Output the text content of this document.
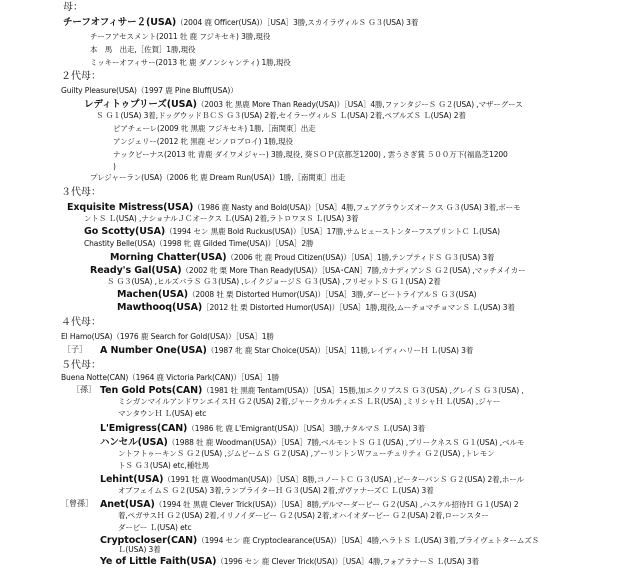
母：
チーフオフィサー２(USA)（2004 鹿 Officer(USA)）［USA］3勝,スカイラヴィルＳ Ｇ３(USA) 3着
チーフアセスメント(2011 牡 鹿 フジキセキ) 3勝,現役
本　馬　出走,［佐賀］1勝,現役
ミッキーオフィサー(2013 牝 鹿 ダノンシャンティ) 1勝,現役
２代母：
Guilty Pleasure(USA)（1997 鹿 Pine Bluff(USA)）
レディトゥプリーズ(USA)（2003 牝 黒鹿 More Than Ready(USA)）［USA］4勝,ファンタジーＳ Ｇ２(USA) ,マザーグース
Ｓ Ｇ１(USA) 3着,ドッグウッドＢＣＳ Ｇ３(USA) 2着,セイラーヴィルＳ Ｌ(USA) 2着,ペブルズＳ Ｌ(USA) 2着
ピアチェーレ(2009 牝 黒鹿 フジキセキ) 1勝,［南関東］出走
アンジェリー(2012 牝 黒鹿 ゼンノロブロイ) 1勝,現役
ナックビーナス(2013 牝 青鹿 ダイワメジャー) 3勝,現役, 葵ＳＯＰ(京都芝1200) , 雲うさぎ賞 ５００万下(福島芝1200
)
プレジャーラン(USA)（2006 牝 鹿 Dream Run(USA)）1勝,［南関東］出走
３代母：
Exquisite Mistress(USA)（1986 鹿 Nasty and Bold(USA)）［USA］4勝,フェアグラウンズオークス Ｇ３(USA) 3着,ボーモ
ントＳ Ｌ(USA) ,ナショナルＪＣオークス Ｌ(USA) 2着,ラトロワヌＳ Ｌ(USA) 3着
Go Scotty(USA)（1994 セン 黒鹿 Bold Ruckus(USA)）［USA］17勝,サムヒューストンターフスプリントＣ Ｌ(USA)
Chastity Belle(USA)（1998 牝 鹿 Gilded Time(USA)）［USA］2勝
Morning Chatter(USA)（2006 牝 鹿 Proud Citizen(USA)）［USA］1勝,テンプティドＳ Ｇ３(USA) 3着
Ready's Gal(USA)（2002 牝 栗 More Than Ready(USA)）［USA･CAN］7勝,カナディアンＳ Ｇ２(USA) ,マッチメイカー
Ｓ Ｇ３(USA) ,ヒルズバラＳ Ｇ３(USA) ,レイクジョージＳ Ｇ３(USA) ,フリゼットＳ Ｇ１(USA) 2着
Machen(USA)（2008 牡 栗 Distorted Humor(USA)）［USA］3勝,ダービートライアルＳ Ｇ３(USA)
Mawthooq(USA)［2012 牡 栗 Distorted Humor(USA)）［USA］1勝,現役,ムーチョマチョマンＳ Ｌ(USA) 3着
４代母：
El Hamo(USA)（1976 鹿 Search for Gold(USA)）［USA］1勝
［子］ A Number One(USA)（1987 牝 鹿 Star Choice(USA)）［USA］11勝,レイディハリーＨ Ｌ(USA) 3着
５代母：
Buena Notte(CAN)（1964 鹿 Victoria Park(CAN)）［USA］1勝
［孫］ Ten Gold Pots(CAN)（1981 牡 黒鹿 Tentam(USA)）［USA］15勝,加エクリプスＳ Ｇ３(USA) ,グレイＳ Ｇ３(USA) ,
ミシガンマイルアンドワンエイスＨ Ｇ２(USA) 2着,ジャークカルティエＳ ＬＲ(USA) ,ミリシャＨ Ｌ(USA) ,ジャー
マンタウンＨ Ｌ(USA) etc
L'Emigress(CAN)（1986 牝 鹿 L'Emigrant(USA)）［USA］3勝,ナタルマＳ Ｌ(USA) 3着
ハンセル(USA)（1988 牡 鹿 Woodman(USA)）［USA］7勝,ベルモントＳ Ｇ１(USA) ,プリークネスＳ Ｇ１(USA) ,ベルモ
ントフトゥーキンＳ Ｇ２(USA) ,ジムビームＳ Ｇ２(USA) ,アーリントンＷフューチュリティ Ｇ２(USA) ,トレモン
トＳ Ｇ３(USA) etc,種牡馬
Lehint(USA)（1991 牡 鹿 Woodman(USA)）［USA］8勝,コノートＣ Ｇ３(USA) ,ピーターパンＳ Ｇ２(USA) 2着,ホール
オブフェイムＳ Ｇ２(USA) 3着,ランプライターＨ Ｇ３(USA) 2着,ガヴァナーズＣ Ｌ(USA) 3着
［曾孫］ Anet(USA)（1994 牡 黒鹿 Clever Trick(USA)）［USA］8勝,デルマーダービー Ｇ２(USA) ,ハスケル招待Ｈ Ｇ１(USA) 2
着,ペガサスＨ Ｇ２(USA) 2着,イリノイダービー Ｇ２(USA) 2着,オハイオダービー Ｇ２(USA) 2着,ローンスター
ダービー Ｌ(USA) etc
Cryptocloser(CAN)（1994 セン 鹿 Cryptoclearance(USA)）［USA］4勝,ヘラトＳ Ｌ(USA) 3着,プライヴェトタームズＳ
Ｌ(USA) 3着
Ye of Little Faith(USA)（1996 セン 鹿 Clever Trick(USA)）［USA］4勝,フォアラナーＳ Ｌ(USA) 3着
